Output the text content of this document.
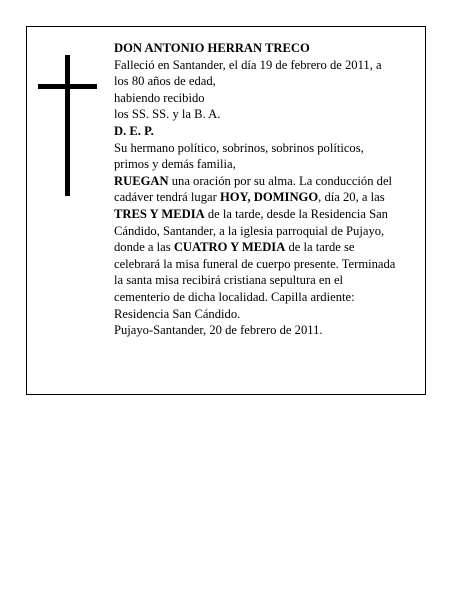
DON ANTONIO HERRAN TRECO
Falleció en Santander, el día 19 de febrero de 2011, a
los 80 años de edad,
habiendo recibido
los SS. SS. y la B. A.
D. E. P.
Su hermano político, sobrinos, sobrinos políticos,
primos y demás familia,
RUEGAN una oración por su alma. La conducción del
cadáver tendrá lugar HOY, DOMINGO, día 20, a las
TRES Y MEDIA de la tarde, desde la Residencia San
Cándido, Santander, a la iglesia parroquial de Pujayo,
donde a las CUATRO Y MEDIA de la tarde se
celebrará la misa funeral de cuerpo presente. Terminada
la santa misa recibirá cristiana sepultura en el
cementerio de dicha localidad. Capilla ardiente:
Residencia San Cándido.
Pujayo-Santander, 20 de febrero de 2011.
